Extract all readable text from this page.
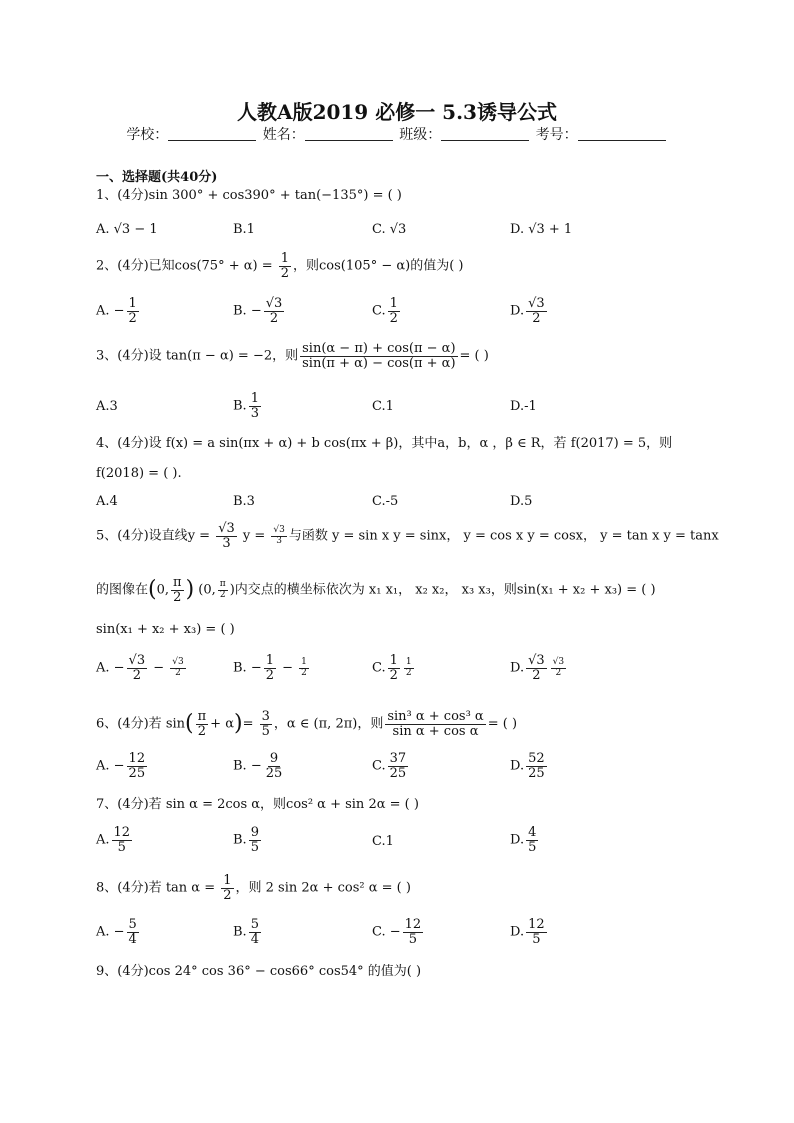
人教A版2019 必修一 5.3诱导公式
学校：	姓名：	班级：	考号：
一、选择题(共40分)
1、(4分)sin 300° + cos390° + tan(−135°) = ( )
A. √3 − 1	B.1	C. √3	D. √3 + 1
2、(4分)已知$\cos(75^\circ + \alpha) = \frac{1}{2}$ ，则cos(105° − α)的值为( )
A. − $\frac{1}{2}$	B. − $\frac{√3}{2}$	C. $\frac{1}{2}$	D. $\frac{√3}{2}$
3、(4分)设 tan(π − α) = −2，则 $\frac{\sin(\alpha - \pi) + \cos(\pi - \alpha)}{\sin(\pi + \alpha) - \cos(\pi + \alpha)}$ = ( )
A.3	B. $\frac{1}{3}$	C.1	D.-1
4、(4分)设 f(x) = a sin(πx + α) + b cos(πx + β)，其中a，b，α ，β ∈ R，若 f(2017) = 5，则
f(2018) = ( ).
A.4	B.3	C.-5	D.5
5、(4分)设直线$y = \frac{√3}{3}$ $y = \frac{√3}{3}$ 与函数 y = sin x y = sinx， y = cos x y = cosx， y = tan x y = tanx
的图像在(0, $\frac{\pi}{2}$ ) (0, $\frac{\pi}{2}$ )内交点的横坐标依次为 x₁ x₁， x₂ x₂， x₃ x₃，则sin(x₁ + x₂ + x₃) = ( )
sin(x₁ + x₂ + x₃) = ( )
A. − $\frac{√3}{2} - \frac{√3}{2}$	B. − $\frac{1}{2} - \frac{1}{2}$	C. $\frac{1}{2} \frac{1}{2}$	D. $\frac{√3}{2} \frac{√3}{2}$
6、(4分)若 $\sin( \frac{\pi}{2} + \alpha)= \frac{3}{5}$ ，α ∈ (π, 2π)，则 $\frac{\text{sin³ α + cos³ α}}{\text{sin α + cos α}}$ = ( )
A. − $\frac{12}{25}$	B. − $\frac{9}{25}$	C. $\frac{37}{25}$	D. $\frac{52}{25}$
7、(4分)若 sin α = 2cos α，则cos² α + sin 2α = ( )
A. $\frac{12}{5}$	B. $\frac{9}{5}$	C.1	D. $\frac{4}{5}$
8、(4分)若 $\tan \alpha = \frac{1}{2}$ ，则 2 sin 2α + cos² α = ( )
A. − $\frac{5}{4}$	B. $\frac{5}{4}$	C. − $\frac{12}{5}$	D. $\frac{12}{5}$
9、(4分)cos 24° cos 36° − cos66° cos54° 的值为( )
